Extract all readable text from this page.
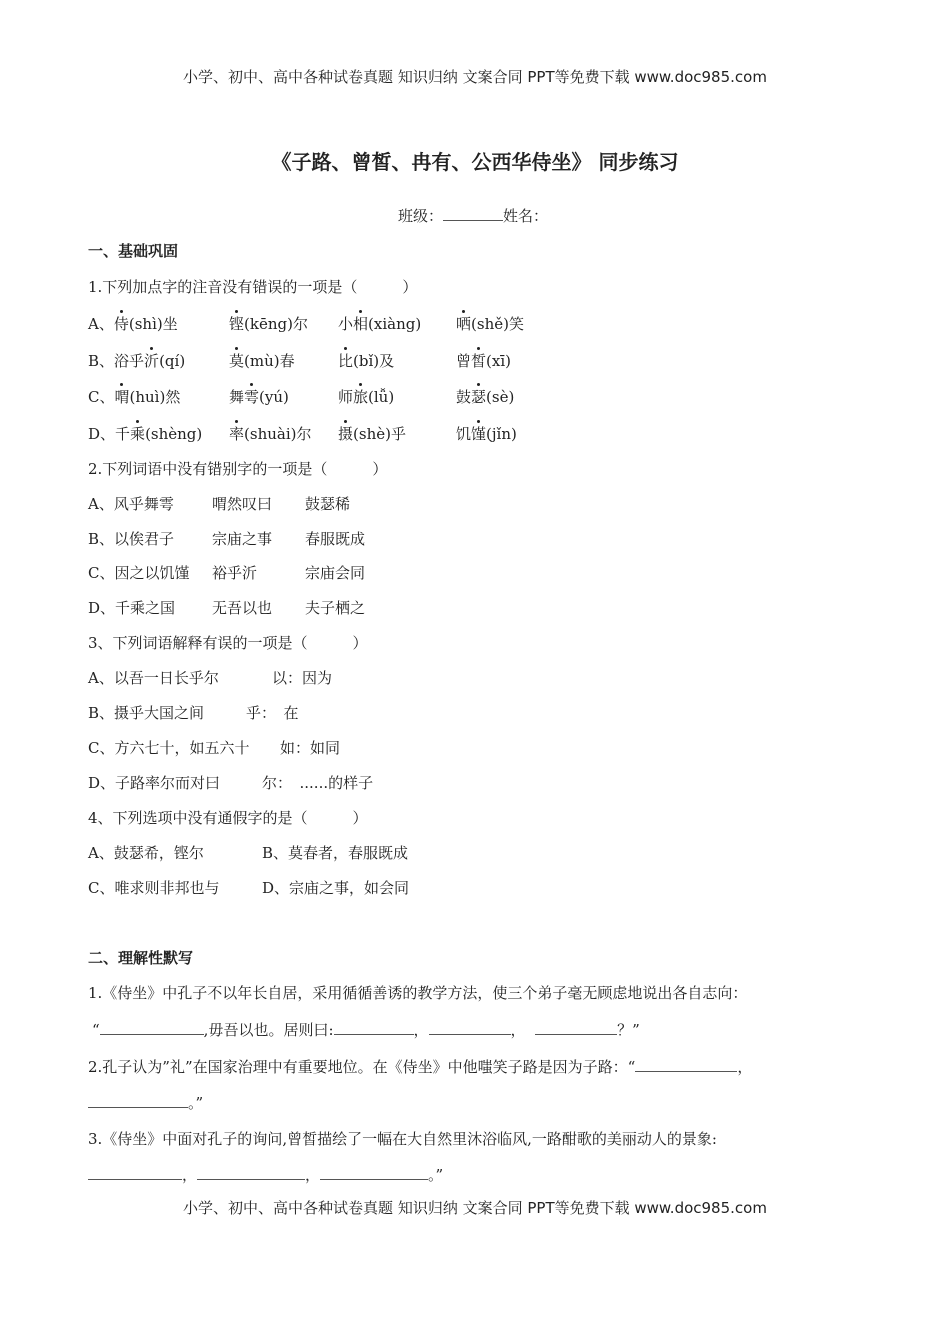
小学、初中、高中各种试卷真题 知识归纳 文案合同 PPT等免费下载 www.doc985.com
《子路、曾皙、冉有、公西华侍坐》 同步练习
班级：	姓名：
一、基础巩固
1.下列加点字的注音没有错误的一项是（　　　）
A、侍(shì)坐	铿(kēng)尔 小相(xiàng) 哂(shě)笑
B、浴乎沂(qí)	莫(mù)春	比(bǐ)及	曾皙(xī)
C、喟(huì)然	舞雩(yú)	师旅(lǚ)	鼓瑟(sè)
D、千乘(shèng) 率(shuài)尔 摄(shè)乎	饥馑(jǐn)
2.下列词语中没有错别字的一项是（　　　）
A、风乎舞雩	喟然叹曰 鼓瑟稀
B、以俟君子	宗庙之事 春服既成
C、因之以饥馑 裕乎沂	宗庙会同
D、千乘之国 无吾以也 夫子栖之
3、下列词语解释有误的一项是（　　　）
A、以吾一日长乎尔	以：因为
B、摄乎大国之间	乎：　在
C、方六七十，如五六十 如：如同
D、子路率尔而对曰	尔：　......的样子
4、下列选项中没有通假字的是（　　　）
A、鼓瑟希，铿尔	B、莫春者，春服既成
C、唯求则非邦也与	D、宗庙之事，如会同
二、理解性默写
1.《侍坐》中孔子不以年长自居，采用循循善诱的教学方法，使三个弟子毫无顾虑地说出各自志向：
“	,毋吾以也。居则曰:	，	，	？”
2.孔子认为”礼”在国家治理中有重要地位。在《侍坐》中他嗤笑子路是因为子路：“	，
。”
3.《侍坐》中面对孔子的询问,曾皙描绘了一幅在大自然里沐浴临风,一路酣歌的美丽动人的景象:
，	，	。”
小学、初中、高中各种试卷真题 知识归纳 文案合同 PPT等免费下载 www.doc985.com
